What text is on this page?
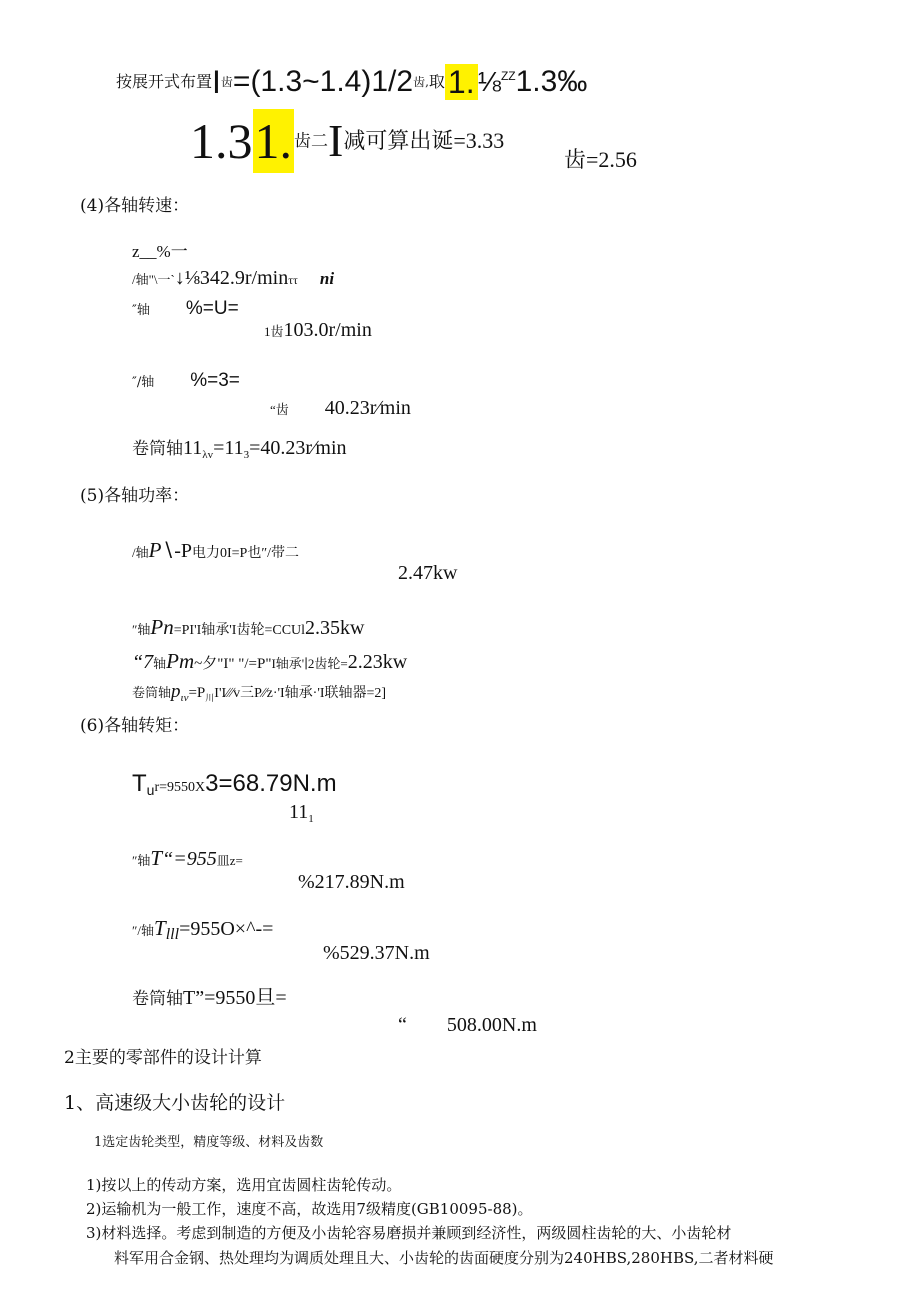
按展开式布置I齿=(1.3~1.4)1/2齿,取1. ⅛$^{ZZ}$1.3‰
1.31. 齿二I减可算出诞=3.33
齿=2.56
(4)各轴转速：
z__%一
/轴"\一`↓⅛342.9r/minττ ni
″轴 %=U=
1齿103.0r/min
″/轴 %=3=
“齿 40.23r∕min
卷筒轴$11_{\lambda v}=11_3=40.23r∕\min$
(5)各轴功率：
/轴P∖-P电力0I=P也″/带二
2.47kw
″轴Pn=PI'I轴承'I齿轮=CCUl2.35kw
“7轴Pm~夕"I" "/=P"I轴承'∣2齿轮=2.23kw
卷筒轴$p_{\iota v}=P_川I'I∕∕∕v$三P∕∕z·'I轴承·'I联轴器=2]
(6)各轴转矩：
$T_ur=9550X3=68.79N.m$
$11_1$
″轴T“=955皿z=
%217.89N.m
″/轴$T_{lll}=955O\times\^{}-=$
%529.37N.m
卷筒轴T”=9550旦=
“ 508.00N.m
2主要的零部件的设计计算
1、高速级大小齿轮的设计
1选定齿轮类型，精度等级、材料及齿数
1)按以上的传动方案，选用宜齿圆柱齿轮传动。
2)运输机为一般工作，速度不高，故选用7级精度(GB10095-88)。
3)材料选择。考虑到制造的方便及小齿轮容易磨损并兼顾到经济性，两级圆柱齿轮的大、小齿轮材
料军用合金钢、热处理均为调质处理且大、小齿轮的齿面硬度分别为240HBS,280HBS,二者材料硬
